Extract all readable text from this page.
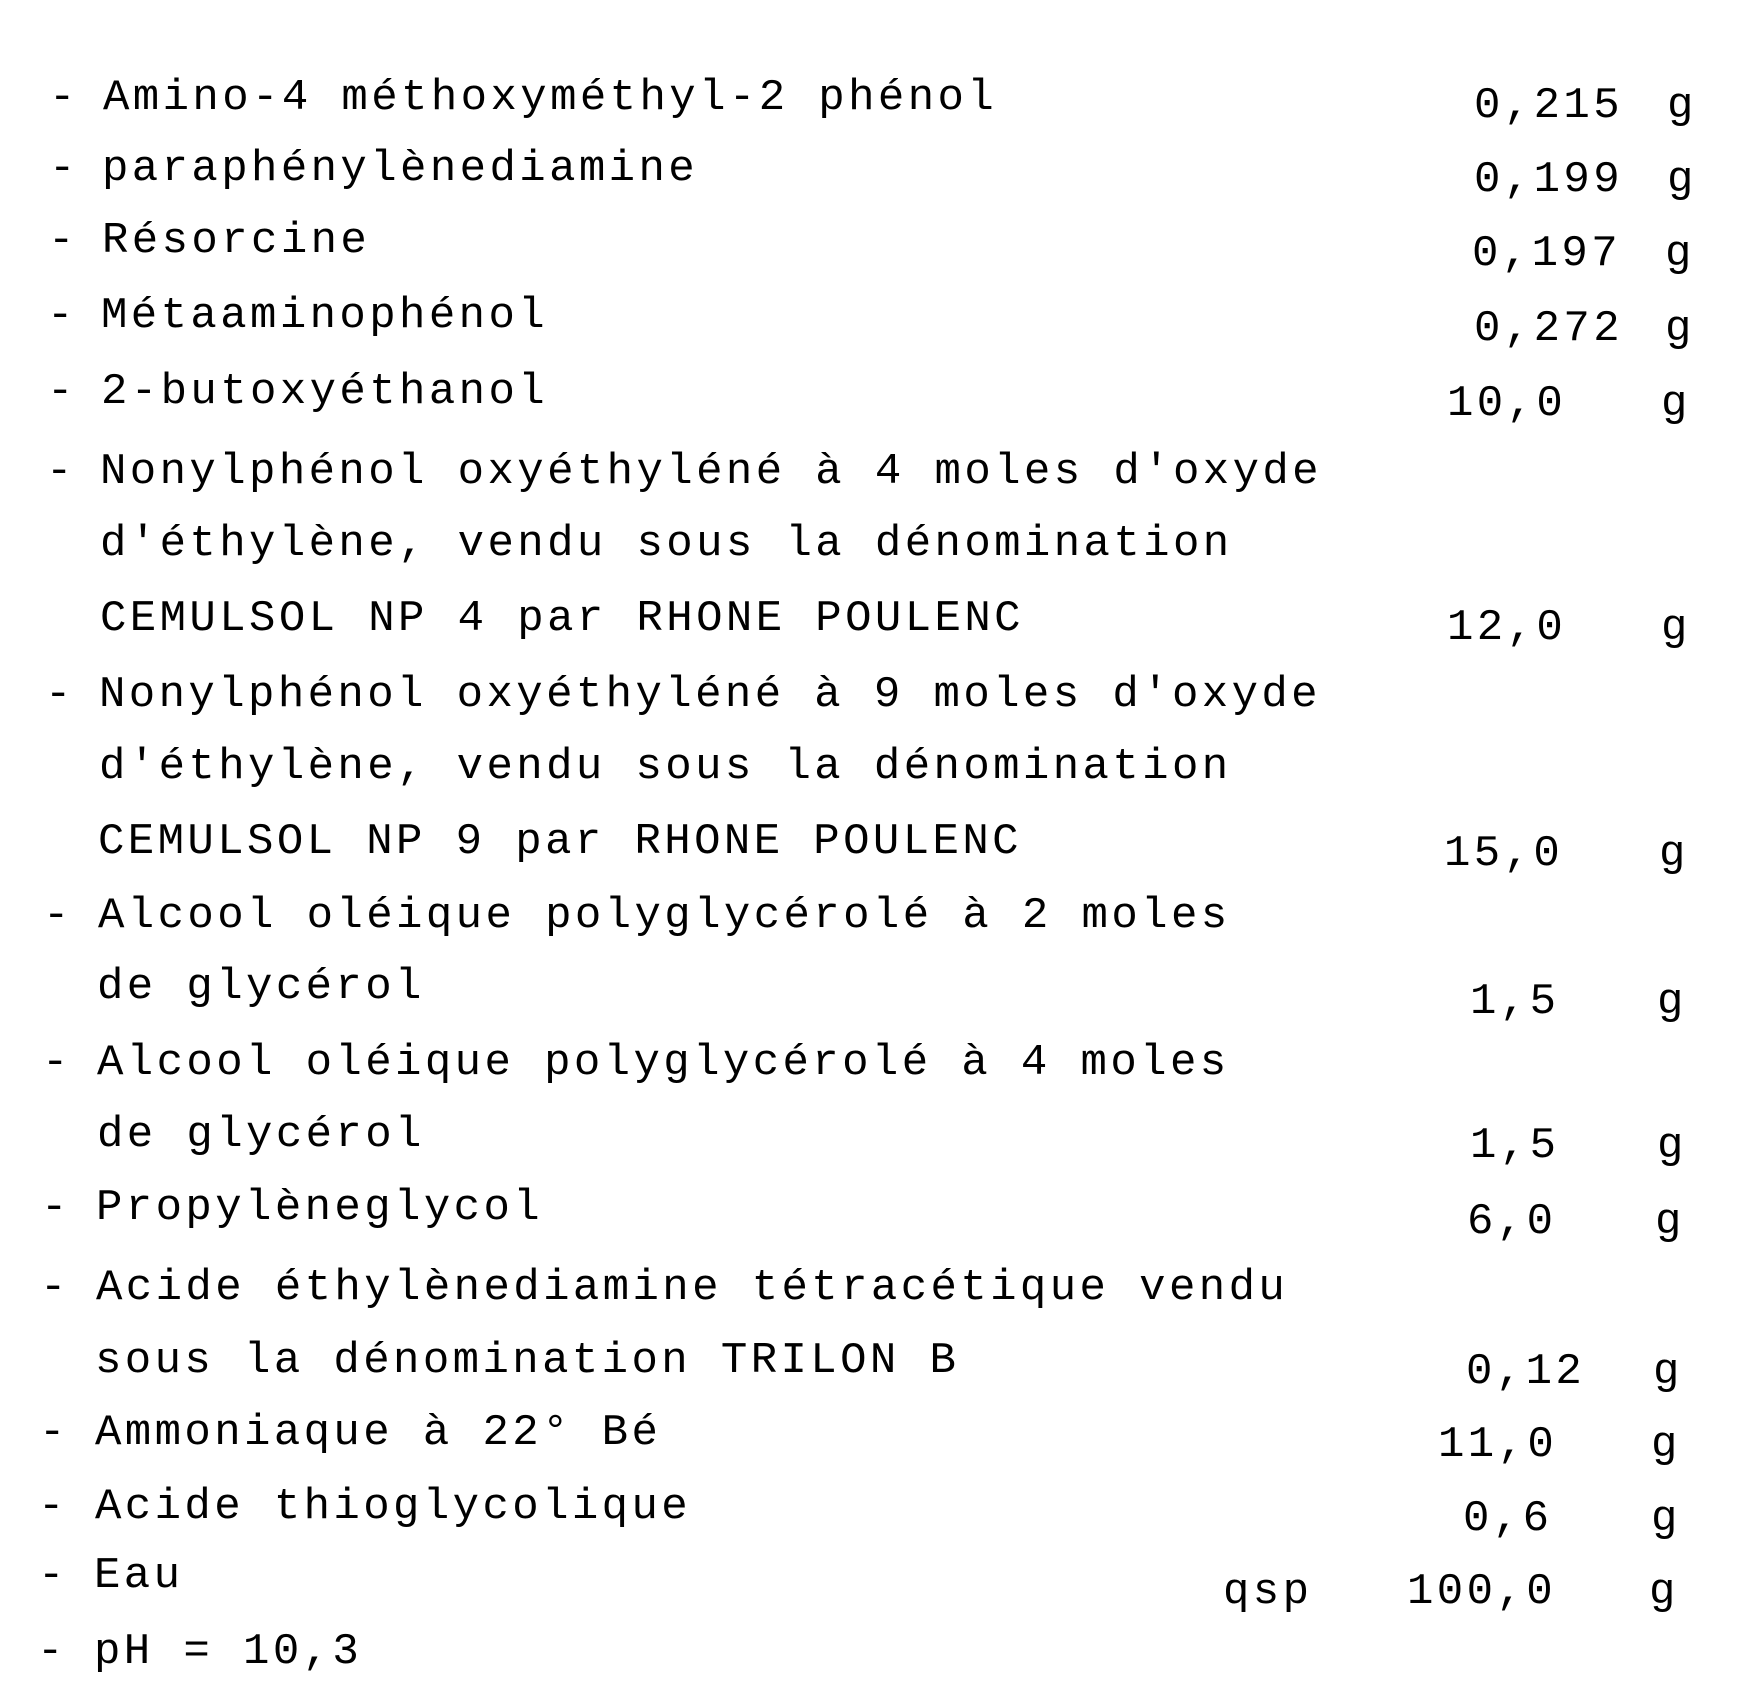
- Amino-4 méthoxyméthyl-2 phénol	0,215 g
- paraphénylènediamine	0,199 g
- Résorcine	0,197 g
- Métaaminophénol	0,272 g
- 2-butoxyéthanol	10,0 g
- Nonylphénol oxyéthyléné à 4 moles d'oxyde
d'éthylène, vendu sous la dénomination
CEMULSOL NP 4 par RHONE POULENC	12,0 g
- Nonylphénol oxyéthyléné à 9 moles d'oxyde
d'éthylène, vendu sous la dénomination
CEMULSOL NP 9 par RHONE POULENC	15,0 g
- Alcool oléique polyglycérolé à 2 moles
de glycérol	1,5 g
- Alcool oléique polyglycérolé à 4 moles
de glycérol	1,5 g
- Propylèneglycol	6,0 g
- Acide éthylènediamine tétracétique vendu
sous la dénomination TRILON B	0,12 g
- Ammoniaque à 22° Bé	11,0 g
- Acide thioglycolique	0,6 g
- Eau	100,0 g
qsp
- pH = 10,3
